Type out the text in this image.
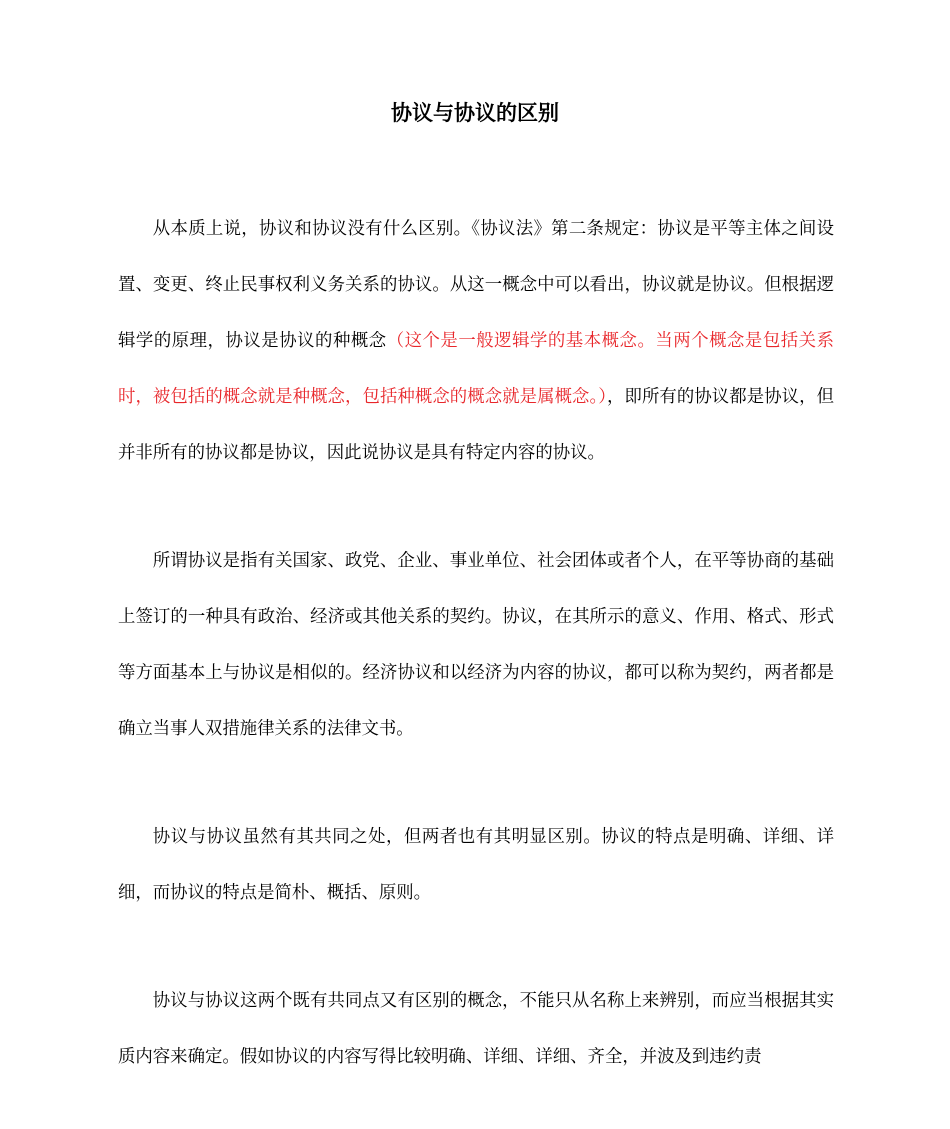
协议与协议的区别

从本质上说，协议和协议没有什么区别。《协议法》第二条规定：协议是平等主体之间设置、变更、终止民事权利义务关系的协议。从这一概念中可以看出，协议就是协议。但根据逻辑学的原理，协议是协议的种概念（这个是一般逻辑学的基本概念。当两个概念是包括关系时，被包括的概念就是种概念，包括种概念的概念就是属概念。），即所有的协议都是协议，但并非所有的协议都是协议，因此说协议是具有特定内容的协议。

所谓协议是指有关国家、政党、企业、事业单位、社会团体或者个人，在平等协商的基础上签订的一种具有政治、经济或其他关系的契约。协议，在其所示的意义、作用、格式、形式等方面基本上与协议是相似的。经济协议和以经济为内容的协议，都可以称为契约，两者都是确立当事人双措施律关系的法律文书。

协议与协议虽然有其共同之处，但两者也有其明显区别。协议的特点是明确、详细、详细，而协议的特点是简朴、概括、原则。

协议与协议这两个既有共同点又有区别的概念，不能只从名称上来辨别，而应当根据其实质内容来确定。假如协议的内容写得比较明确、详细、详细、齐全，并波及到违约责
